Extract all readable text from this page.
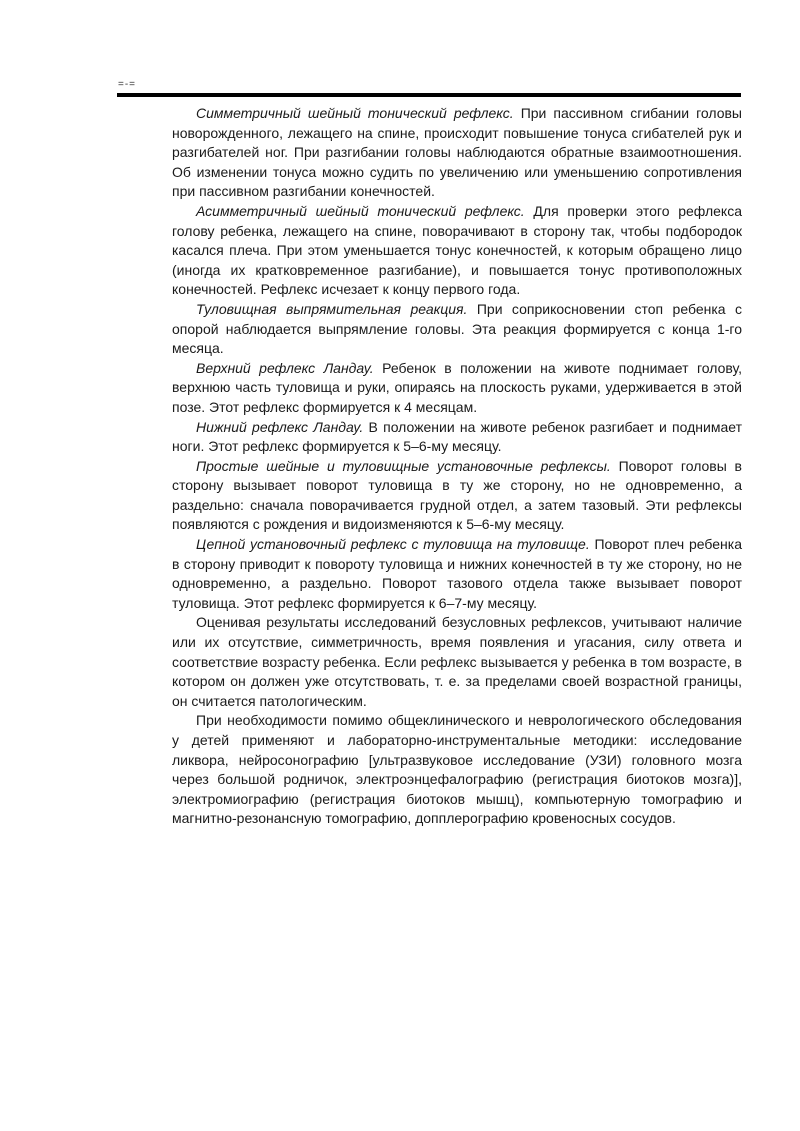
=-=

Симметричный шейный тонический рефлекс. При пассивном сгибании головы новорожденного, лежащего на спине, происходит повышение тонуса сгибателей рук и разгибателей ног. При разгибании головы наблюдаются обратные взаимоотношения. Об изменении тонуса можно судить по увеличению или уменьшению сопротивления при пассивном разгибании конечностей.

Асимметричный шейный тонический рефлекс. Для проверки этого рефлекса голову ребенка, лежащего на спине, поворачивают в сторону так, чтобы подбородок касался плеча. При этом уменьшается тонус конечностей, к которым обращено лицо (иногда их кратковременное разгибание), и повышается тонус противоположных конечностей. Рефлекс исчезает к концу первого года.

Туловищная выпрямительная реакция. При соприкосновении стоп ребенка с опорой наблюдается выпрямление головы. Эта реакция формируется с конца 1-го месяца.

Верхний рефлекс Ландау. Ребенок в положении на животе поднимает голову, верхнюю часть туловища и руки, опираясь на плоскость руками, удерживается в этой позе. Этот рефлекс формируется к 4 месяцам.

Нижний рефлекс Ландау. В положении на животе ребенок разгибает и поднимает ноги. Этот рефлекс формируется к 5–6-му месяцу.

Простые шейные и туловищные установочные рефлексы. Поворот головы в сторону вызывает поворот туловища в ту же сторону, но не одновременно, а раздельно: сначала поворачивается грудной отдел, а затем тазовый. Эти рефлексы появляются с рождения и видоизменяются к 5–6-му месяцу.

Цепной установочный рефлекс с туловища на туловище. Поворот плеч ребенка в сторону приводит к повороту туловища и нижних конечностей в ту же сторону, но не одновременно, а раздельно. Поворот тазового отдела также вызывает поворот туловища. Этот рефлекс формируется к 6–7-му месяцу.

Оценивая результаты исследований безусловных рефлексов, учитывают наличие или их отсутствие, симметричность, время появления и угасания, силу ответа и соответствие возрасту ребенка. Если рефлекс вызывается у ребенка в том возрасте, в котором он должен уже отсутствовать, т. е. за пределами своей возрастной границы, он считается патологическим.

При необходимости помимо общеклинического и неврологического обследования у детей применяют и лабораторно-инструментальные методики: исследование ликвора, нейросонографию [ультразвуковое исследование (УЗИ) головного мозга через большой родничок, электроэнцефалографию (регистрация биотоков мозга)], электромиографию (регистрация биотоков мышц), компьютерную томографию и магнитно-резонансную томографию, допплерографию кровеносных сосудов.
